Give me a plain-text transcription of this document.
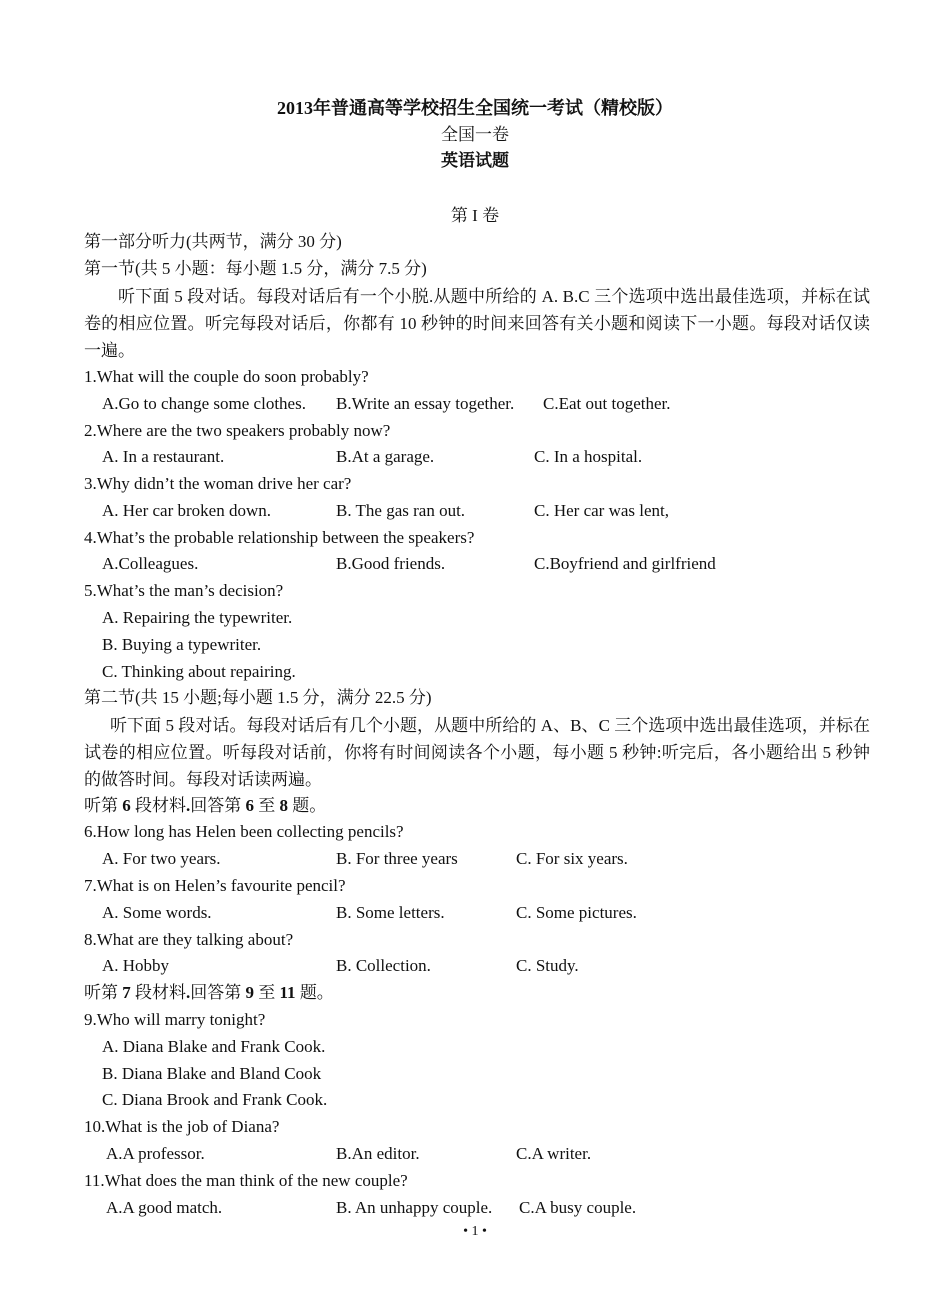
2013年普通高等学校招生全国统一考试（精校版）
全国一卷
英语试题
第 I 卷
第一部分听力(共两节，满分 30 分)
第一节(共 5 小题：每小题 1.5 分，满分 7.5 分)
听下面 5 段对话。每段对话后有一个小脱.从题中所给的 A. B.C 三个选项中选出最佳选项，并标在试卷的相应位置。听完每段对话后，你都有 10 秒钟的时间来回答有关小题和阅读下一小题。每段对话仅读一遍。
1.What will the couple do soon probably?
A.Go to change some clothes. B.Write an essay together. C.Eat out together.
2.Where are the two speakers probably now?
A. In a restaurant.	B.At a garage.	C. In a hospital.
3.Why didn’t the woman drive her car?
A. Her car broken down.	B. The gas ran out.	C. Her car was lent,
4.What’s the probable relationship between the speakers?
A.Colleagues.	B.Good friends.	C.Boyfriend and girlfriend
5.What’s the man’s decision?
A. Repairing the typewriter.
B. Buying a typewriter.
C. Thinking about repairing.
第二节(共 15 小题;每小题 1.5 分，满分 22.5 分)
听下面 5 段对话。每段对话后有几个小题，从题中所给的 A、B、C 三个选项中选出最佳选项，并标在试卷的相应位置。听每段对话前，你将有时间阅读各个小题，每小题 5 秒钟:听完后，各小题给出 5 秒钟的做答时间。每段对话读两遍。
听第 6 段材料.回答第 6 至 8 题。
6.How long has Helen been collecting pencils?
A. For two years.	B. For three years	C. For six years.
7.What is on Helen’s favourite pencil?
A. Some words.	B. Some letters.	C. Some pictures.
8.What are they talking about?
A. Hobby	B. Collection.	C. Study.
听第 7 段材料.回答第 9 至 11 题。
9.Who will marry tonight?
A. Diana Blake and Frank Cook.
B. Diana Blake and Bland Cook
C. Diana Brook and Frank Cook.
10.What is the job of Diana?
A.A professor.	B.An editor.	C.A writer.
11.What does the man think of the new couple?
A.A good match.	B. An unhappy couple. C.A busy couple.
• 1 •
